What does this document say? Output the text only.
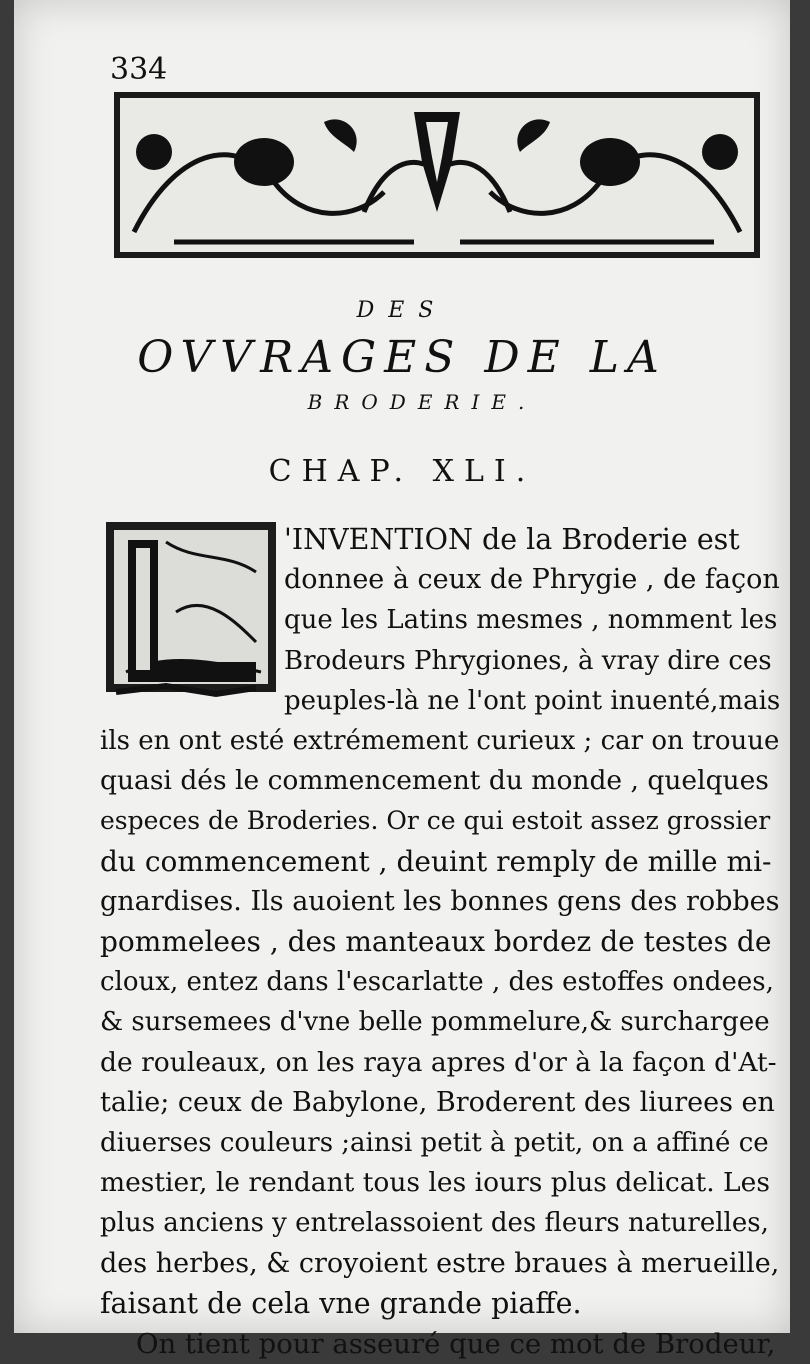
334
DES
OVVRAGES DE LA
BRODERIE.
CHAP. XLI.
'INVENTION de la Broderie est
donnee à ceux de Phrygie , de façon
que les Latins mesmes , nomment les
Brodeurs Phrygiones, à vray dire ces
peuples-là ne l'ont point inuenté,mais
ils en ont esté extrémement curieux ; car on trouue
quasi dés le commencement du monde , quelques
especes de Broderies. Or ce qui estoit assez grossier
du commencement , deuint remply de mille mi-
gnardises. Ils auoient les bonnes gens des robbes
pommelees , des manteaux bordez de testes de
cloux, entez dans l'escarlatte , des estoffes ondees,
& sursemees d'vne belle pommelure,& surchargee
de rouleaux, on les raya apres d'or à la façon d'At-
talie; ceux de Babylone, Broderent des liurees en
diuerses couleurs ;ainsi petit à petit, on a affiné ce
mestier, le rendant tous les iours plus delicat. Les
plus anciens y entrelassoient des fleurs naturelles,
des herbes, & croyoient estre braues à merueille,
faisant de cela vne grande piaffe.
On tient pour asseuré que ce mot de Brodeur,
